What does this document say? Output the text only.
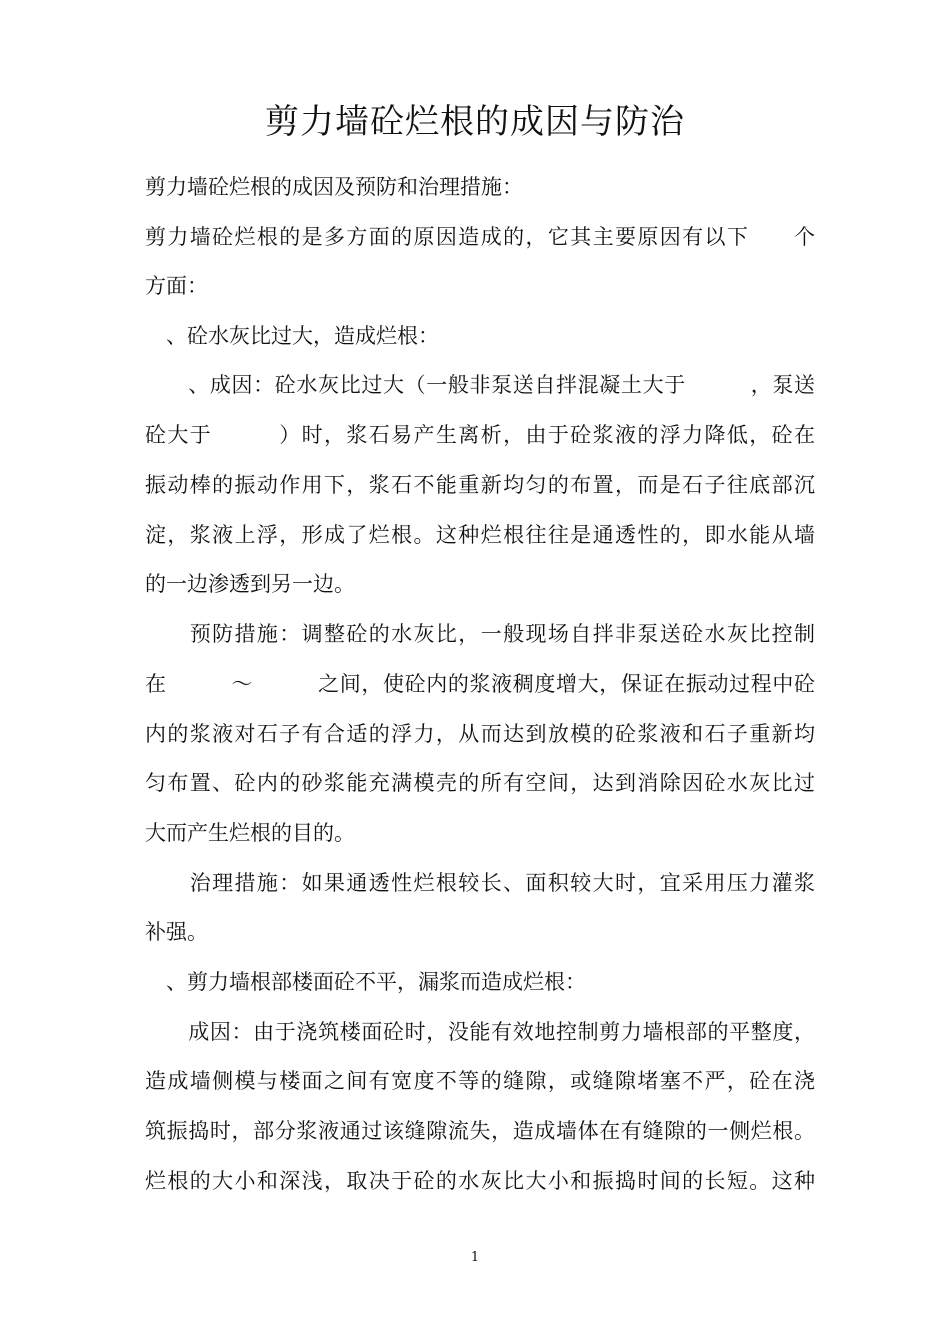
剪力墙砼烂根的成因与防治
剪力墙砼烂根的成因及预防和治理措施：
剪力墙砼烂根的是多方面的原因造成的，它其主要原因有以下　　个
方面：
　、砼水灰比过大，造成烂根：
　　、成因：砼水灰比过大（一般非泵送自拌混凝土大于　　　，泵送
砼大于　　　）时，浆石易产生离析，由于砼浆液的浮力降低，砼在
振动棒的振动作用下，浆石不能重新均匀的布置，而是石子往底部沉
淀，浆液上浮，形成了烂根。这种烂根往往是通透性的，即水能从墙
的一边渗透到另一边。
　　预防措施：调整砼的水灰比，一般现场自拌非泵送砼水灰比控制
在　　　～　　　之间，使砼内的浆液稠度增大，保证在振动过程中砼
内的浆液对石子有合适的浮力，从而达到放模的砼浆液和石子重新均
匀布置、砼内的砂浆能充满模壳的所有空间，达到消除因砼水灰比过
大而产生烂根的目的。
　　治理措施：如果通透性烂根较长、面积较大时，宜采用压力灌浆
补强。
　、剪力墙根部楼面砼不平，漏浆而造成烂根：
　　成因：由于浇筑楼面砼时，没能有效地控制剪力墙根部的平整度，
造成墙侧模与楼面之间有宽度不等的缝隙，或缝隙堵塞不严，砼在浇
筑振捣时，部分浆液通过该缝隙流失，造成墙体在有缝隙的一侧烂根。
烂根的大小和深浅，取决于砼的水灰比大小和振捣时间的长短。这种
1
